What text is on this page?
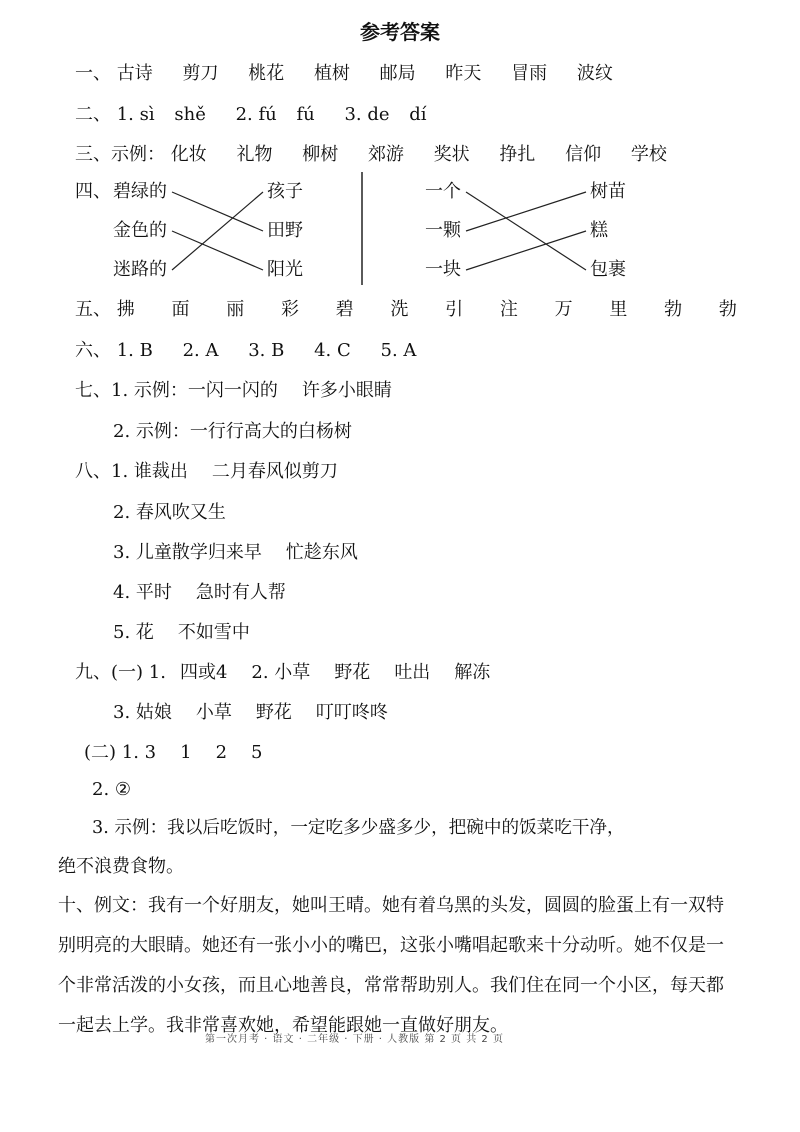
参考答案
一、 古诗 剪刀 桃花 植树 邮局 昨天 冒雨 波纹
二、 1. sì shě 2. fú fú 3. de dí
三、示例： 化妆 礼物 柳树 郊游 奖状 挣扎 信仰 学校
四、 碧绿的
金色的
迷路的
孩子
田野
阳光
一个
一颗
一块
树苗
糕
包裹
五、 拂 面 丽 彩 碧 洗 引 注 万 里 勃 勃
六、 1. B 2. A 3. B 4. C 5. A
七、1. 示例：一闪一闪的 许多小眼睛
2. 示例：一行行高大的白杨树
八、1. 谁裁出 二月春风似剪刀
2. 春风吹又生
3. 儿童散学归来早 忙趁东风
4. 平时 急时有人帮
5. 花 不如雪中
九、(一) 1. 四或4 2. 小草 野花 吐出 解冻
3. 姑娘 小草 野花 叮叮咚咚
(二) 1. 3 1 2 5
2. ②
3. 示例：我以后吃饭时，一定吃多少盛多少，把碗中的饭菜吃干净，
绝不浪费食物。
十、例文：我有一个好朋友，她叫王晴。她有着乌黑的头发，圆圆的脸蛋上有一双特别明亮的大眼睛。她还有一张小小的嘴巴，这张小嘴唱起歌来十分动听。她不仅是一个非常活泼的小女孩，而且心地善良，常常帮助别人。我们住在同一个小区，每天都一起去上学。我非常喜欢她，希望能跟她一直做好朋友。
第一次月考 · 语文 · 二年级 · 下册 · 人教版 第 2 页 共 2 页
